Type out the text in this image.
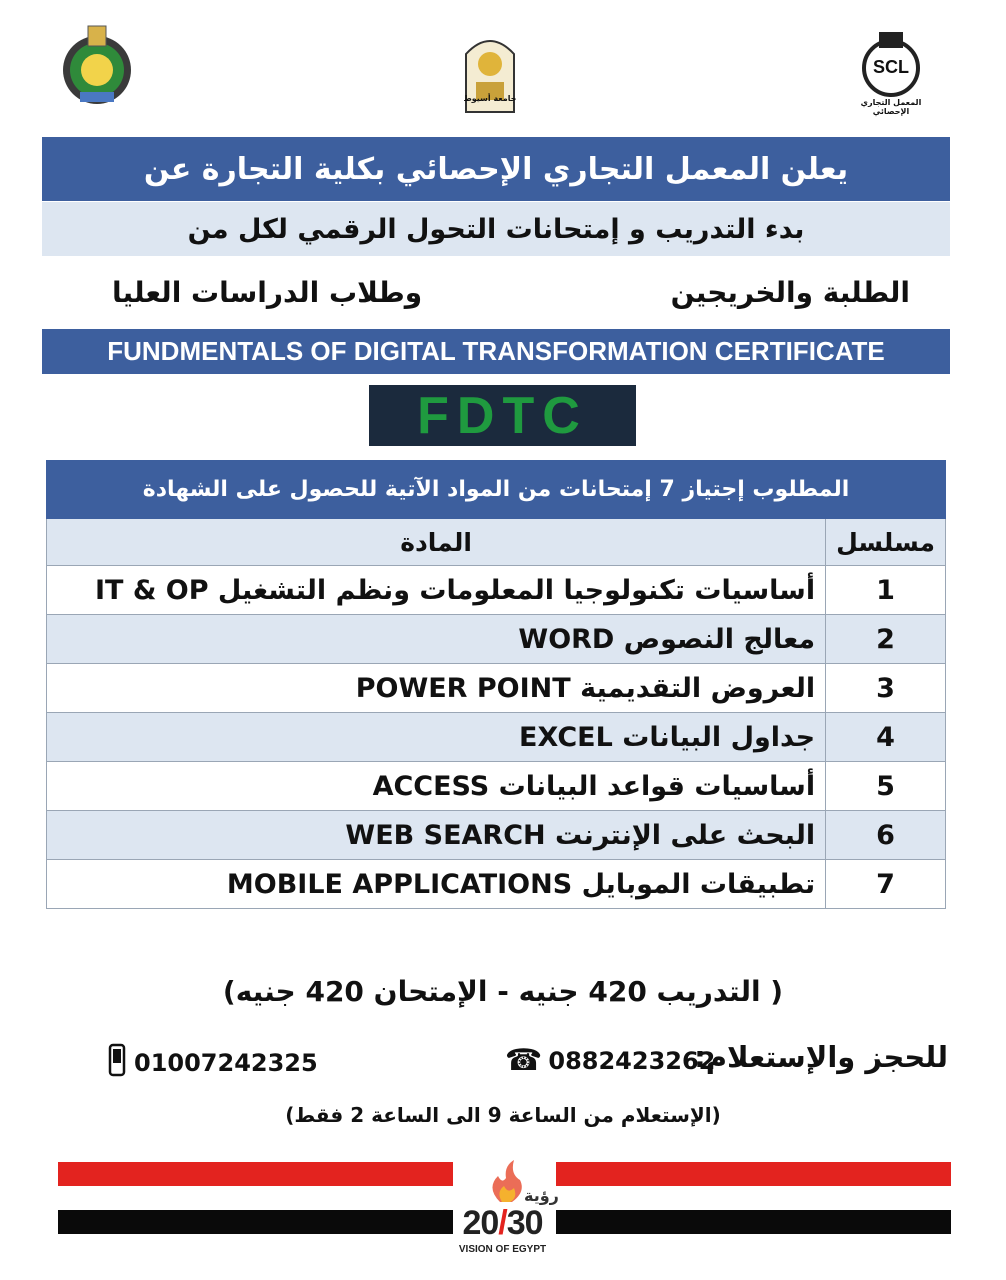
جامعة أسيوط
SCL
المعمل التجاري الإحصائي
يعلن المعمل التجاري الإحصائي بكلية التجارة عن
بدء التدريب و إمتحانات التحول الرقمي لكل من
الطلبة والخريجين
وطلاب الدراسات العليا
FUNDMENTALS OF DIGITAL TRANSFORMATION CERTIFICATE
FDTC
المطلوب إجتياز 7 إمتحانات من المواد الآتية للحصول على الشهادة	
مسلسل	المادة
1	أساسيات تكنولوجيا المعلومات ونظم التشغيل IT & OP
2	معالج النصوص WORD
3	العروض التقديمية POWER POINT
4	جداول البيانات EXCEL
5	أساسيات قواعد البيانات ACCESS
6	البحث على الإنترنت WEB SEARCH
7	تطبيقات الموبايل MOBILE APPLICATIONS
( التدريب 420 جنيه - الإمتحان 420 جنيه)
للحجز والإستعلام:
☎ 0882423262
01007242325
(الإستعلام من الساعة 9 الى الساعة 2 فقط)
رؤية
20/30
VISION OF EGYPT
